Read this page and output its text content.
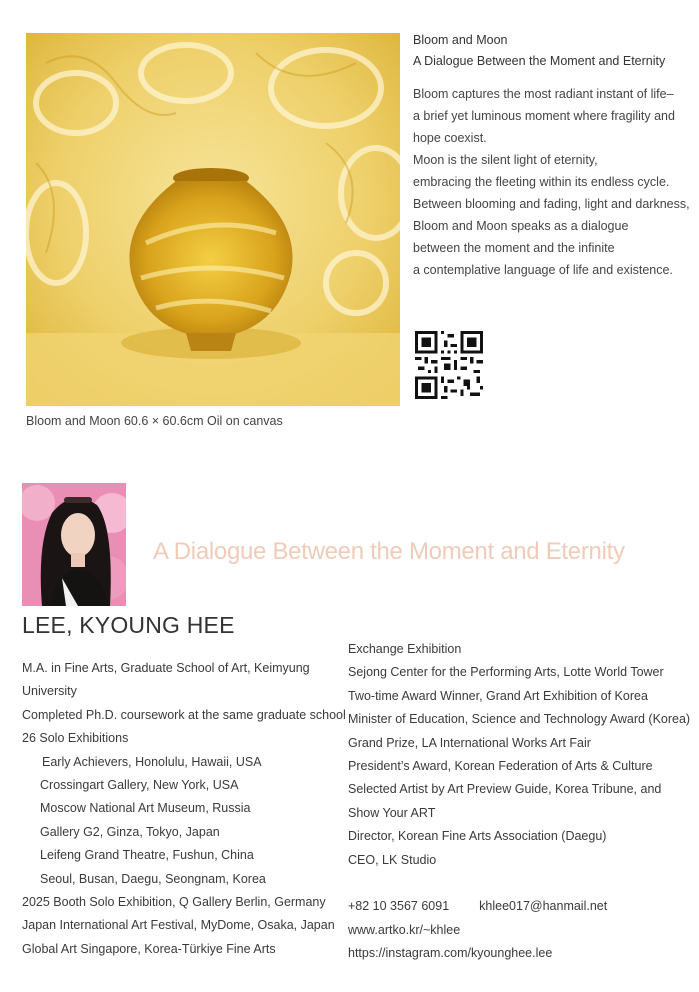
Bloom and Moon 60.6 × 60.6cm Oil on canvas
Bloom and Moon
A Dialogue Between the Moment and Eternity
Bloom captures the most radiant instant of life–
a brief yet luminous moment where fragility and
hope coexist.
Moon is the silent light of eternity,
embracing the fleeting within its endless cycle.
Between blooming and fading, light and darkness,
Bloom and Moon speaks as a dialogue
between the moment and the infinite
a contemplative language of life and existence.
A Dialogue Between the Moment and Eternity
LEE, KYOUNG HEE
M.A. in Fine Arts, Graduate School of Art, Keimyung
University
Completed Ph.D. coursework at the same graduate school
26 Solo Exhibitions
Early Achievers, Honolulu, Hawaii, USA
Crossingart Gallery, New York, USA
Moscow National Art Museum, Russia
Gallery G2, Ginza, Tokyo, Japan
Leifeng Grand Theatre, Fushun, China
Seoul, Busan, Daegu, Seongnam, Korea
2025 Booth Solo Exhibition, Q Gallery Berlin, Germany
Japan International Art Festival, MyDome, Osaka, Japan
Global Art Singapore, Korea-Türkiye Fine Arts
Exchange Exhibition
Sejong Center for the Performing Arts, Lotte World Tower
Two-time Award Winner, Grand Art Exhibition of Korea
Minister of Education, Science and Technology Award (Korea)
Grand Prize, LA International Works Art Fair
President’s Award, Korean Federation of Arts & Culture
Selected Artist by Art Preview Guide, Korea Tribune, and
Show Your ART
Director, Korean Fine Arts Association (Daegu)
CEO, LK Studio
+82 10 3567 6091 khlee017@hanmail.net
www.artko.kr/~khlee
https://instagram.com/kyounghee.lee
